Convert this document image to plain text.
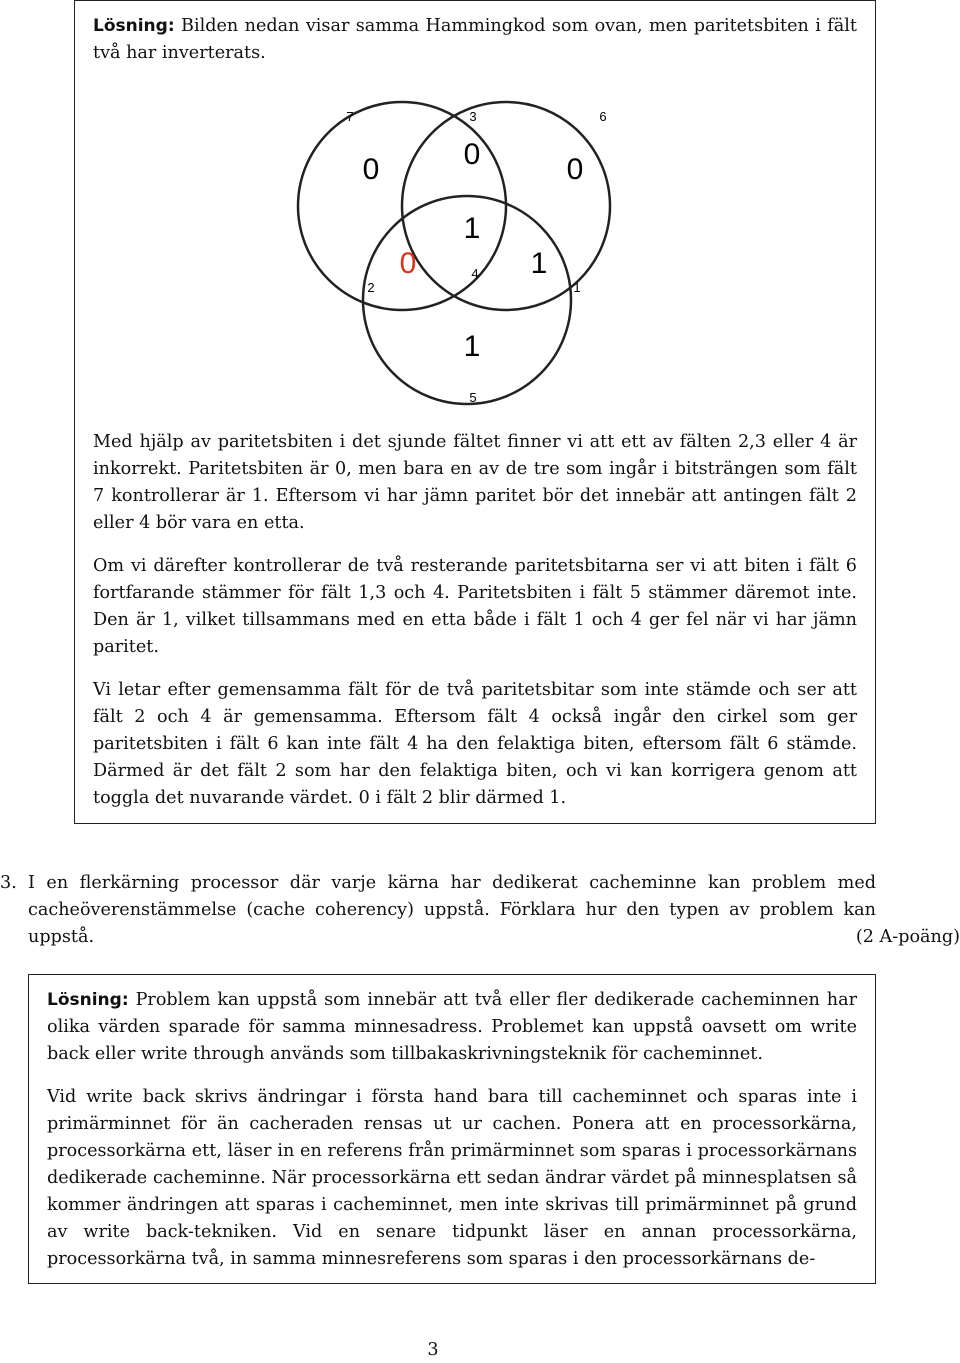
Lösning: Bilden nedan visar samma Hammingkod som ovan, men paritetsbiten i fält två har inverterats.

Med hjälp av paritetsbiten i det sjunde fältet finner vi att ett av fälten 2,3 eller 4 är inkorrekt. Paritetsbiten är 0, men bara en av de tre som ingår i bitsträngen som fält 7 kontrollerar är 1. Eftersom vi har jämn paritet bör det innebär att antingen fält 2 eller 4 bör vara en etta.

Om vi därefter kontrollerar de två resterande paritetsbitarna ser vi att biten i fält 6 fortfarande stämmer för fält 1,3 och 4. Paritetsbiten i fält 5 stämmer däremot inte. Den är 1, vilket tillsammans med en etta både i fält 1 och 4 ger fel när vi har jämn paritet.

Vi letar efter gemensamma fält för de två paritetsbitar som inte stämde och ser att fält 2 och 4 är gemensamma. Eftersom fält 4 också ingår den cirkel som ger paritetsbiten i fält 6 kan inte fält 4 ha den felaktiga biten, eftersom fält 6 stämde. Därmed är det fält 2 som har den felaktiga biten, och vi kan korrigera genom att toggla det nuvarande värdet. 0 i fält 2 blir därmed 1.

7	3	6
2
4
1
5
0	0	0
0
1
1
1
3. I en flerkärning processor där varje kärna har dedikerat cacheminne kan problem med cacheöverenstämmelse (cache coherency) uppstå. Förklara hur den typen av problem kan uppstå.	(2 A-poäng)

Lösning: Problem kan uppstå som innebär att två eller fler dedikerade cacheminnen har olika värden sparade för samma minnesadress. Problemet kan uppstå oavsett om write back eller write through används som tillbakaskrivningsteknik för cacheminnet.

Vid write back skrivs ändringar i första hand bara till cacheminnet och sparas inte i primärminnet för än cacheraden rensas ut ur cachen. Ponera att en processorkärna, processorkärna ett, läser in en referens från primärminnet som sparas i processorkärnans dedikerade cacheminne. När processorkärna ett sedan ändrar värdet på minnesplatsen så kommer ändringen att sparas i cacheminnet, men inte skrivas till primärminnet på grund av write back-tekniken. Vid en senare tidpunkt läser en annan processorkärna, processorkärna två, in samma minnesreferens som sparas i den processorkärnans de-

3
